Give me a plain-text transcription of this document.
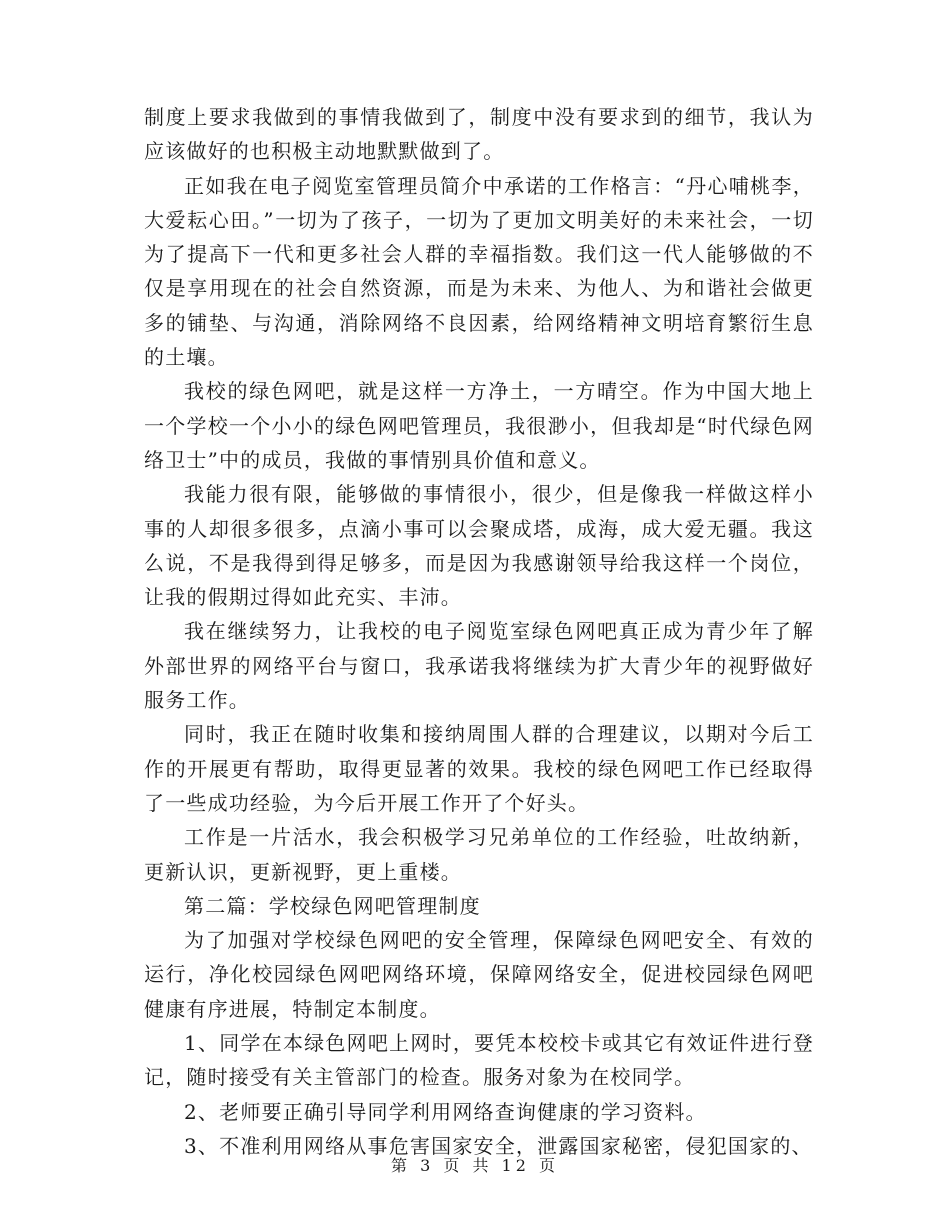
制度上要求我做到的事情我做到了，制度中没有要求到的细节，我认为应该做好的也积极主动地默默做到了。

正如我在电子阅览室管理员简介中承诺的工作格言：“丹心哺桃李，大爱耘心田。”一切为了孩子，一切为了更加文明美好的未来社会，一切为了提高下一代和更多社会人群的幸福指数。我们这一代人能够做的不仅是享用现在的社会自然资源，而是为未来、为他人、为和谐社会做更多的铺垫、与沟通，消除网络不良因素，给网络精神文明培育繁衍生息的土壤。

我校的绿色网吧，就是这样一方净土，一方晴空。作为中国大地上一个学校一个小小的绿色网吧管理员，我很渺小，但我却是“时代绿色网络卫士”中的成员，我做的事情别具价值和意义。

我能力很有限，能够做的事情很小，很少，但是像我一样做这样小事的人却很多很多，点滴小事可以会聚成塔，成海，成大爱无疆。我这么说，不是我得到得足够多，而是因为我感谢领导给我这样一个岗位，让我的假期过得如此充实、丰沛。

我在继续努力，让我校的电子阅览室绿色网吧真正成为青少年了解外部世界的网络平台与窗口，我承诺我将继续为扩大青少年的视野做好服务工作。

同时，我正在随时收集和接纳周围人群的合理建议，以期对今后工作的开展更有帮助，取得更显著的效果。我校的绿色网吧工作已经取得了一些成功经验，为今后开展工作开了个好头。

工作是一片活水，我会积极学习兄弟单位的工作经验，吐故纳新，更新认识，更新视野，更上重楼。

第二篇：学校绿色网吧管理制度

为了加强对学校绿色网吧的安全管理，保障绿色网吧安全、有效的运行，净化校园绿色网吧网络环境，保障网络安全，促进校园绿色网吧健康有序进展，特制定本制度。

1、同学在本绿色网吧上网时，要凭本校校卡或其它有效证件进行登记，随时接受有关主管部门的检查。服务对象为在校同学。

2、老师要正确引导同学利用网络查询健康的学习资料。

3、不准利用网络从事危害国家安全，泄露国家秘密，侵犯国家的、

第 3 页 共 12 页
